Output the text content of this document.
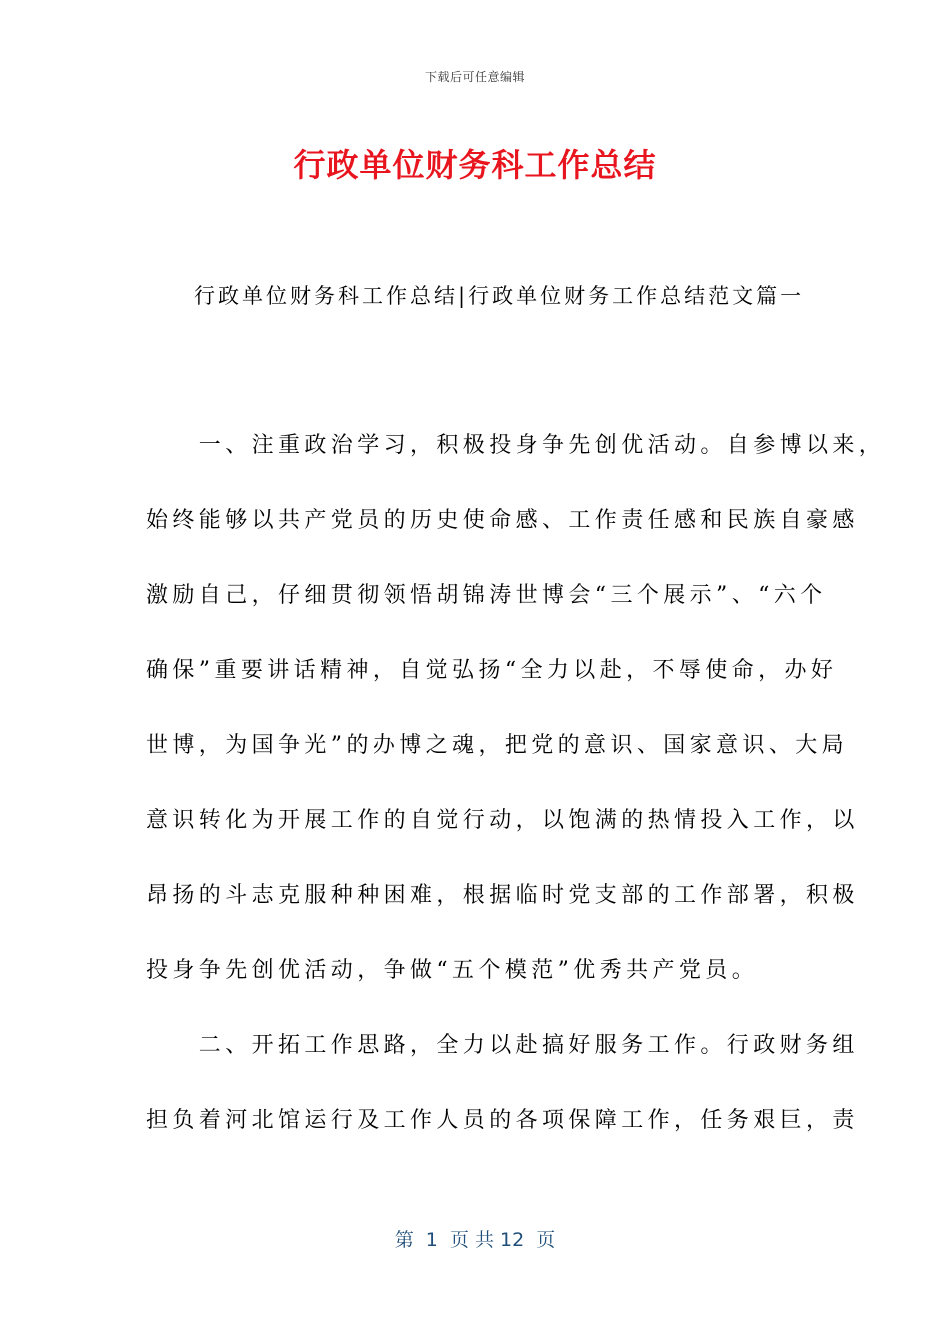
下载后可任意编辑
行政单位财务科工作总结
行政单位财务科工作总结|行政单位财务工作总结范文篇一
　　一、注重政治学习，积极投身争先创优活动。自参博以来，
始终能够以共产党员的历史使命感、工作责任感和民族自豪感
激励自己，仔细贯彻领悟胡锦涛世博会“三个展示”、“六个
确保”重要讲话精神，自觉弘扬“全力以赴，不辱使命，办好
世博，为国争光”的办博之魂，把党的意识、国家意识、大局
意识转化为开展工作的自觉行动，以饱满的热情投入工作，以
昂扬的斗志克服种种困难，根据临时党支部的工作部署，积极
投身争先创优活动，争做“五个模范”优秀共产党员。
　　二、开拓工作思路，全力以赴搞好服务工作。行政财务组
担负着河北馆运行及工作人员的各项保障工作，任务艰巨，责
第  1  页 共 12  页
